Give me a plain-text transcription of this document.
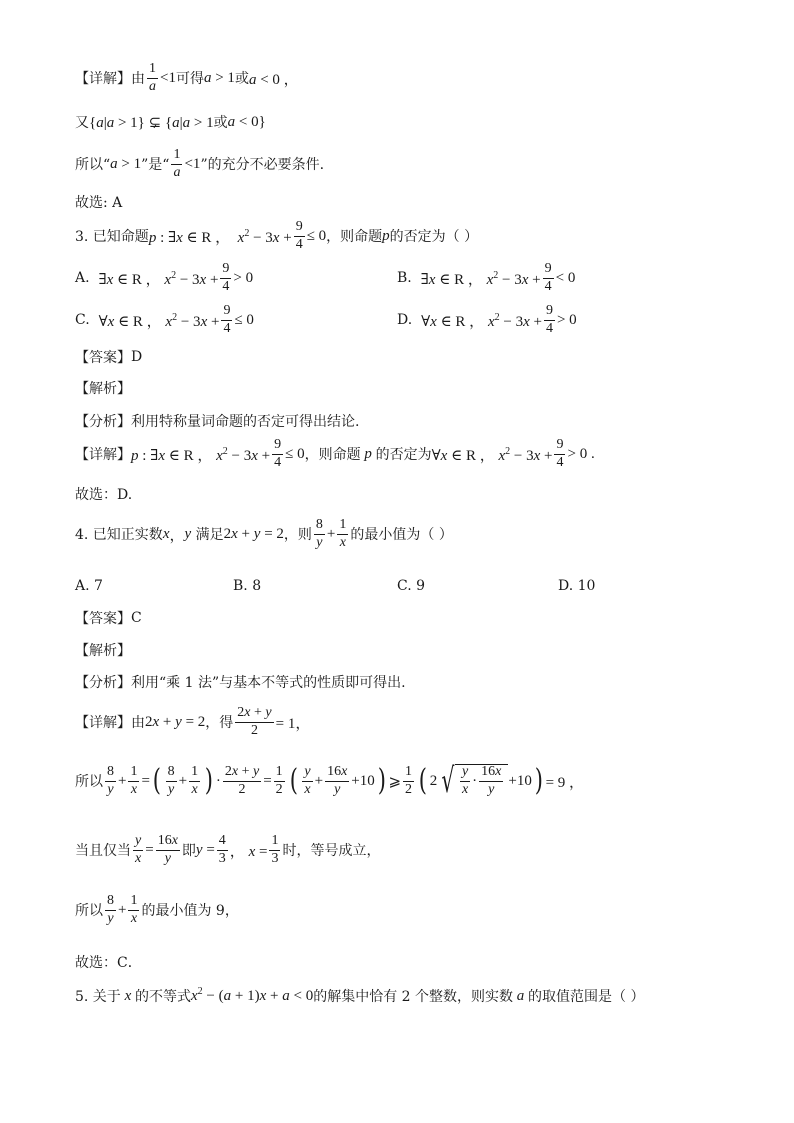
【详解】 由 $\frac{1}{a} <1$ 可得 a > 1 或 a < 0 ，
又 {a|a > 1} ⊊ {a|a > 1 或 a < 0}
所以“ a > 1 ”是“ $\frac{1}{a} <1$ ”的充分不必要条件.
故选: A
3. 已知命题 p : ∃x ∈ R ，  $x^2 - 3x + \frac{9}{4} \le 0$ ，则命题 p 的否定为（ ）
A.
∃x ∈ R ， $x^2 - 3x + \frac{9}{4} > 0$	B.
∃x ∈ R ， $x^2 - 3x + \frac{9}{4} < 0$
C.
∀x ∈ R ， $x^2 - 3x + \frac{9}{4} \le 0$	D.
∀x ∈ R ， $x^2 - 3x + \frac{9}{4} > 0$
【答案】 D
【解析】
【分析】 利用特称量词命题的否定可得出结论.
【详解】 p : ∃x ∈ R ， $x^2 - 3x + \frac{9}{4} \le 0$ ，则命题 p 的否定为 ∀x ∈ R ， $x^2 - 3x + \frac{9}{4} > 0$ .
故选：D.
4. 已知正实数 x ， y
满足 2x + y = 2 ，则 $\frac{8}{y} + \frac{1}{x}$ 的最小值为（ ）
A. 7	B. 8	C. 9	D. 10
【答案】 C
【解析】
【分析】 利用“乘 1 法”与基本不等式的性质即可得出.
【详解】 由 2x + y = 2 ，得 $\frac{2x + y}{2} = 1$，
所以 $\frac{8}{y} + \frac{1}{x}$ = ( $\frac{8}{y} + \frac{1}{x}$ ) · $\frac{2x + y}{2} = \frac{1}{2}$ ( $\frac{y}{x} + \frac{16x}{y} +10$ ) ⩾ $\frac{1}{2}$ ( 2 √ $\frac{y}{x} \cdot \frac{16x}{y} +10$ ) = 9 ，
当且仅当 $\frac{y}{x} = \frac{16x}{y}$ 即 $y = \frac{4}{3}$ ， $x = \frac{1}{3}$ 时，等号成立，
所以 $\frac{8}{y} + \frac{1}{x}$ 的最小值为 9，
故选：C．
5. 关于 x 的不等式 $x^2 - (a + 1)x + a < 0$ 的解集中恰有 2 个整数，则实数 a 的取值范围是（ ）
